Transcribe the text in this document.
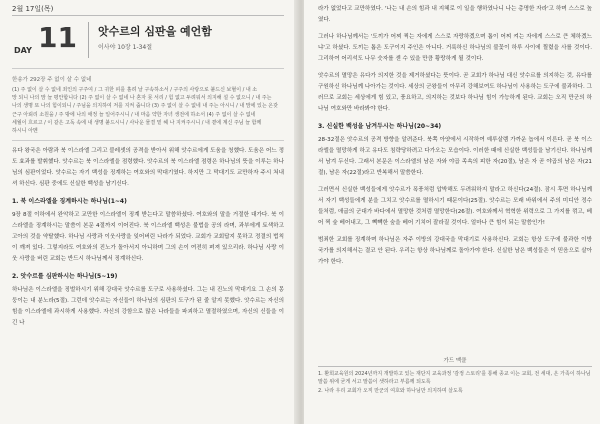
2월 17일(목)
DAY 11 앗수르의 심판을 예언함
이사야 10장 1-34절
한송가 292장 주 없이 살 수 없네
(1) 주 없이 살 수 없네 죄인의 구주여 / 그 귀한 피를 흘려 날 구속하소서 / 구주의 사랑으로 붙드신 보혈이 / 내 소
망 되니 나의 맘 늘 평안합니다 (2) 주 없이 살 수 없네 나 혼자 못 서리 / 힘 없고 두려워서 의지해 설 수 없으니 / 내 주는
나의 생명 또 나의 힘이되니 / 주님을 의지하여 저를 지켜 줍니다 (3) 주 없이 살 수 없네 내 주는 아시니 / 내 맘에 있는 온갖
근구 아뢰리 소원을 / 주 밖에 나의 애정 늘 일어주시니 / 내 마음 약한 자녀 생전에 하소서 (4) 주 없이 살 수 없네
세월이 흐르고 / 이 같은 고독 속에 내 생명 붙드시니 / 사나운 물결 밑 헤 나 지켜주시니 / 내 곁에 계신 주님 늘 함께
하시니 아멘

유다 왕국은 아람과 북 이스라엘 그리고 블레셋의 공격을 받아서 위해 앗수르에게 도움을 청했다. 도움은 어느 정도 효과를 발휘했다. 앗수르는 북 이스라엘을 점령했다. 앗수르의 북 이스라엘 점령은 하나님의 뜻을 이루는 하나님의 심판이었다. 앗수르는 자기 백성을 징계하는 여호와의 막대기였다. 하지만 그 막대기도 교만하자 주시 쳐내셔 하신다. 심판 중에도 신실한 백성을 남기신다.

1. 북 이스라엘을 징계하시는 하나님(1~4)

9장 8절 이하에서 완악하고 교만한 이스라엘이 징계 받는다고 말씀하셨다. 여호와의 말을 거절한 대가다. 북 이스라엘을 징계하시는 말씀이 본문 4절까지 이어진다. 북 이스라엘 백성은 불법을 공의 라며, 과부에게 토색하고 고아의 것을 약탈했다. 하나님 사랑과 이웃사랑을 잊어버린 나라가 되었다. 교회가 교회답지 못하고 정결의 법칙이 깨져 있다. 그렇지라도 여호와의 진노가 돌아서지 아니하며 그의 손이 여전히 펴져 있으리라. 하나님 사랑 이웃 사랑을 버린 교회는 반드시 하나님께서 징계하신다.

2. 앗수르를 심판하시는 하나님(5~19)

하나님은 이스라엘을 징벌하시기 위해 강대국 앗수르를 도구로 사용하셨다. 그는 내 진노의 막대기요 그 손의 몽둥이는 내 분노라(5절). 그런데 앗수르는 자신들이 하나님의 심판의 도구가 된 줄 알지 못했다. 앗수르는 자신의 힘을 이스라엘에 과시하게 사용했다. 자신의 강함으로 많은 나라들을 파괴하고 멸절하였으며, 자신의 신들을 이긴 나

라가 없었다고 교만하였다. '나는 내 손의 힘과 내 지혜로 이 일을 행하였나니 나는 총명한 자라'고 하며 스스로 높였다.

그러나 하나님께서는 '도끼가 어찌 찍는 자에게 스스로 자랑하겠으며 톱이 어찌 켜는 자에게 스스로 큰 체하겠느냐'고 하셨다. 도끼는 톱은 도구이지 주인은 아니다. 거룩하신 하나님의 불꽃이 하루 사이에 찔렸을 사를 것이다. 그리하여 어리석도 나무 숫자를 센 수 있을 만큼 황랑하게 될 것이다.

앗수르의 멸망은 유다가 의지한 것을 제거하셨다는 뜻이다. 곧 교회가 하나님 대신 앗수르를 의지하는 것, 유다를 구원하신 하나님께 나아가는 것이다. 세상의 군왕들이 아무리 강해보여도 하나님이 사용하는 도구에 불과하다. 그러므로 교회는 세상에게 힘 있고, 풍요하고, 의지하는 것보다 하나님 힘이 가능하게 된다. 교회는 오직 만군의 하나님 여호와만 바라봐야 한다.

3. 신실한 백성을 남겨두시는 하나님(20~34)

28-32절은 앗수르의 공격 방향을 알려준다. 북쪽 아얏에서 시작하여 예루살렘 가까운 놉에서 이른다. 곧 북 이스라엘을 멸망하게 하고 유다도 침략당하려고 다가오는 모습이다. 이러한 때에 신실한 백성들을 남기신다. 하나님께서 남겨 두신다. 그래서 본문은 이스라엘의 남은 자와 야곱 족속의 피한 자(20절), 남은 자 곧 야곱의 남은 자(21절), 남은 자(22절)라고 반복해서 말씀한다.

그러면서 신실한 백성들에게 앗수르가 폭풍처럼 압박해도 두려워하지 말라고 하신다(24절). 잠시 후면 하나님께서 자기 백성들에게 분을 그치고 앗수르를 멸하시기 때문이다(25절). 앗수르는 모래 바위에서 주의 미디안 정수들처럼, 애굽의 군대가 바다에서 멸망한 것처럼 멸망한다(26절). 여호와께서 혁혁한 위력으로 그 가지를 꺾고, 베어 찍 숲 베어내고, 그 빽빽한 숲을 베어 기치어 잘라질 것이다. 얼마나 큰 힘이 되는 말씀인가!

범죄한 교회를 징계하며 하나님은 자주 이방의 강대국을 막대기로 사용하신다. 교회는 항상 도구에 불과한 이방 국가를 의지해서는 결코 안 된다. 우리는 항상 하나님께로 돌아가야 한다. 신실한 남은 백성들은 이 믿음으로 살아가야 한다.

가드 맥클

1. 환희교육원의 2024년까지 개발하고 있는 재단지 교육과정 '감정 스토리'를 통해 종교 이는 교회, 전 세대, 온 가족이 하나님 말씀 위에 굳게 서고 말씀이 샛하라고 부름께 되도록

2. 나라 우리 교회가 오직 만군의 여호와 하나님만 의지하며 살도록
